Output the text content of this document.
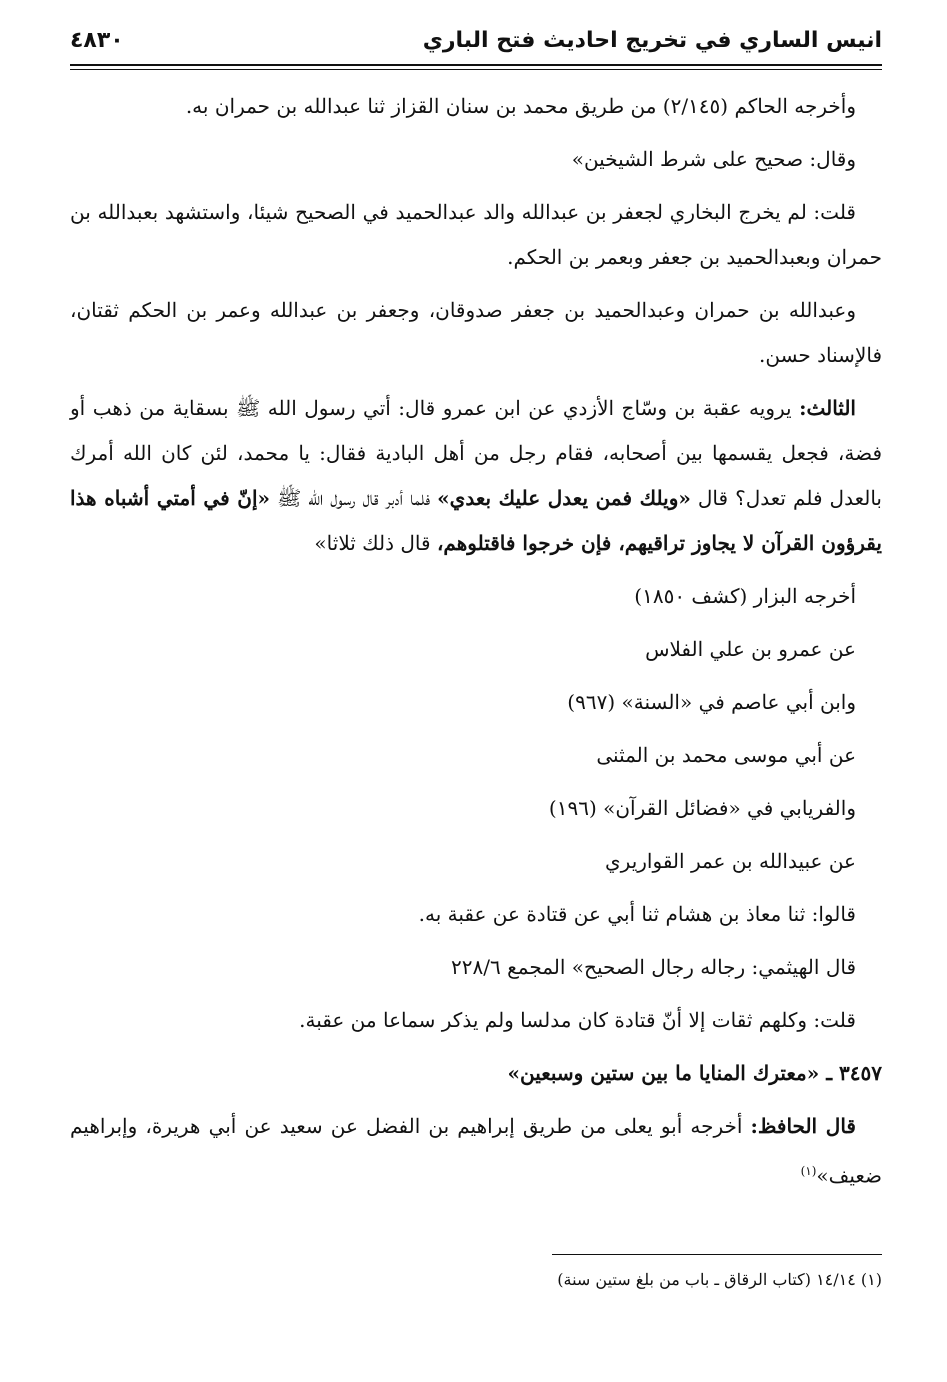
انيس الساري في تخريج احاديث فتح الباري
٤٨٣٠

وأخرجه الحاكم (٢/١٤٥) من طريق محمد بن سنان القزاز ثنا عبدالله بن حمران به.

وقال: صحيح على شرط الشيخين»

قلت: لم يخرج البخاري لجعفر بن عبدالله والد عبدالحميد في الصحيح شيئا، واستشهد بعبدالله بن حمران وبعبدالحميد بن جعفر وبعمر بن الحكم.

وعبدالله بن حمران وعبدالحميد بن جعفر صدوقان، وجعفر بن عبدالله وعمر بن الحكم ثقتان، فالإسناد حسن.

الثالث: يرويه عقبة بن وسّاج الأزدي عن ابن عمرو قال: أتي رسول الله ﷺ بسقاية من ذهب أو فضة، فجعل يقسمها بين أصحابه، فقام رجل من أهل البادية فقال: يا محمد، لئن كان الله أمرك بالعدل فلم تعدل؟ قال «ويلك فمن يعدل عليك بعدي» فلما أدبر قال رسول الله ﷺ «إنّ في أمتي أشباه هذا يقرؤون القرآن لا يجاوز تراقيهم، فإن خرجوا فاقتلوهم، قال ذلك ثلاثا»

أخرجه البزار (كشف ١٨٥٠)

عن عمرو بن علي الفلاس

وابن أبي عاصم في «السنة» (٩٦٧)

عن أبي موسى محمد بن المثنى

والفريابي في «فضائل القرآن» (١٩٦)

عن عبيدالله بن عمر القواريري

قالوا: ثنا معاذ بن هشام ثنا أبي عن قتادة عن عقبة به.

قال الهيثمي: رجاله رجال الصحيح» المجمع ٢٢٨/٦

قلت: وكلهم ثقات إلا أنّ قتادة كان مدلسا ولم يذكر سماعا من عقبة.

٣٤٥٧ ـ «معترك المنايا ما بين ستين وسبعين»

قال الحافظ: أخرجه أبو يعلى من طريق إبراهيم بن الفضل عن سعيد عن أبي هريرة، وإبراهيم ضعيف»$^{(١)}$

(١) ١٤/١٤ (كتاب الرقاق ـ باب من بلغ ستين سنة)
